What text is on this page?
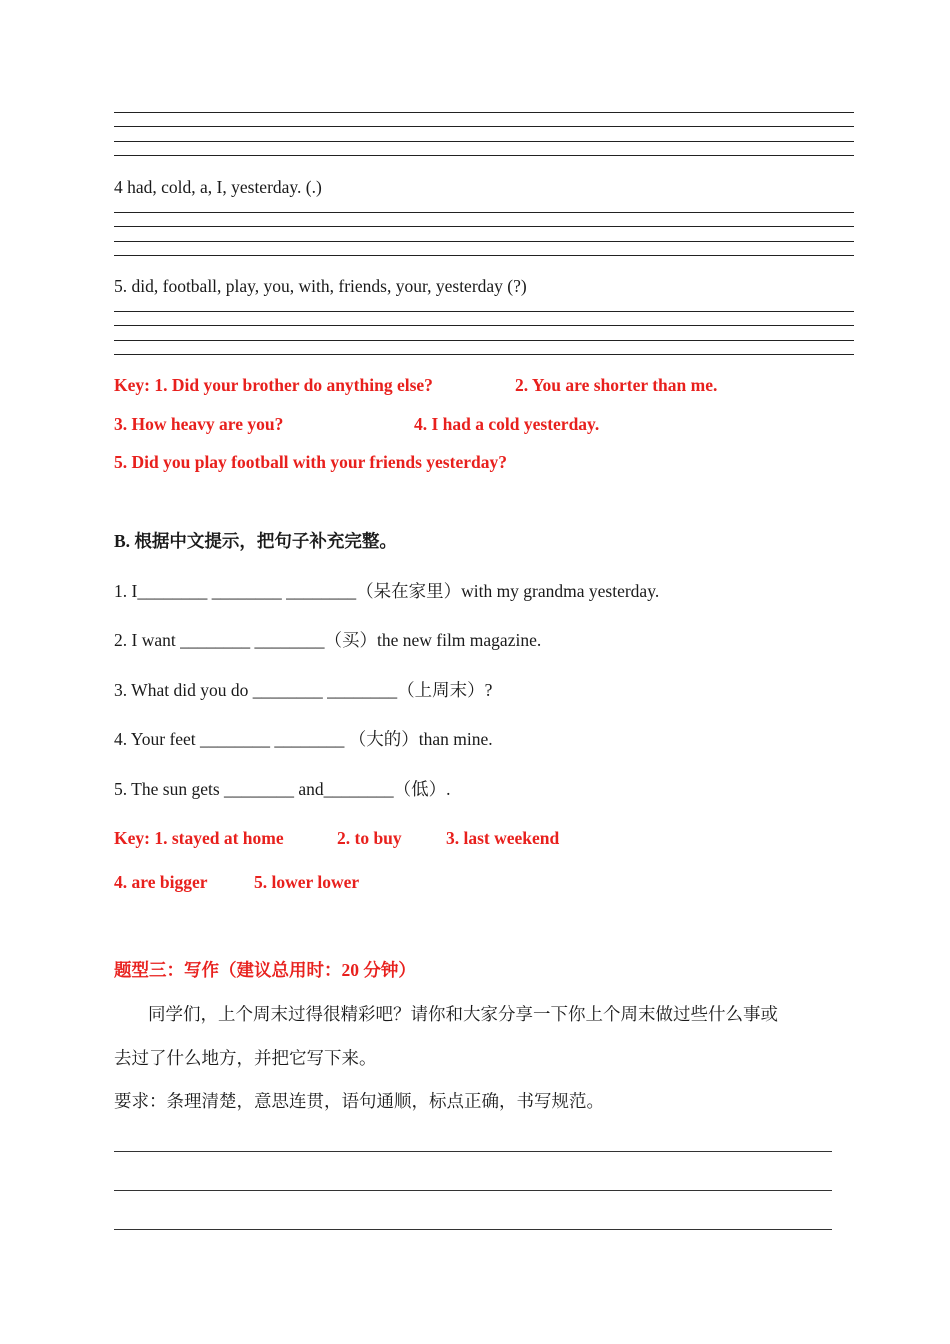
4 had, cold, a, I, yesterday. (.)
5. did, football, play, you, with, friends, your, yesterday (?)
Key: 1. Did your brother do anything else?	2. You are shorter than me.
3. How heavy are you?	4. I had a cold yesterday.
5. Did you play football with your friends yesterday?
B. 根据中文提示，把句子补充完整。
1. I________ ________ ________（呆在家里）with my grandma yesterday.
2. I want ________ ________（买）the new film magazine.
3. What did you do ________ ________（上周末）?
4. Your feet ________ ________ （大的）than mine.
5. The sun gets ________ and________（低）.
Key: 1. stayed at home	2. to buy	3. last weekend
4. are bigger	5. lower lower
题型三：写作（建议总用时：20 分钟）
同学们，上个周末过得很精彩吧？请你和大家分享一下你上个周末做过些什么事或
去过了什么地方，并把它写下来。
要求：条理清楚，意思连贯，语句通顺，标点正确，书写规范。
